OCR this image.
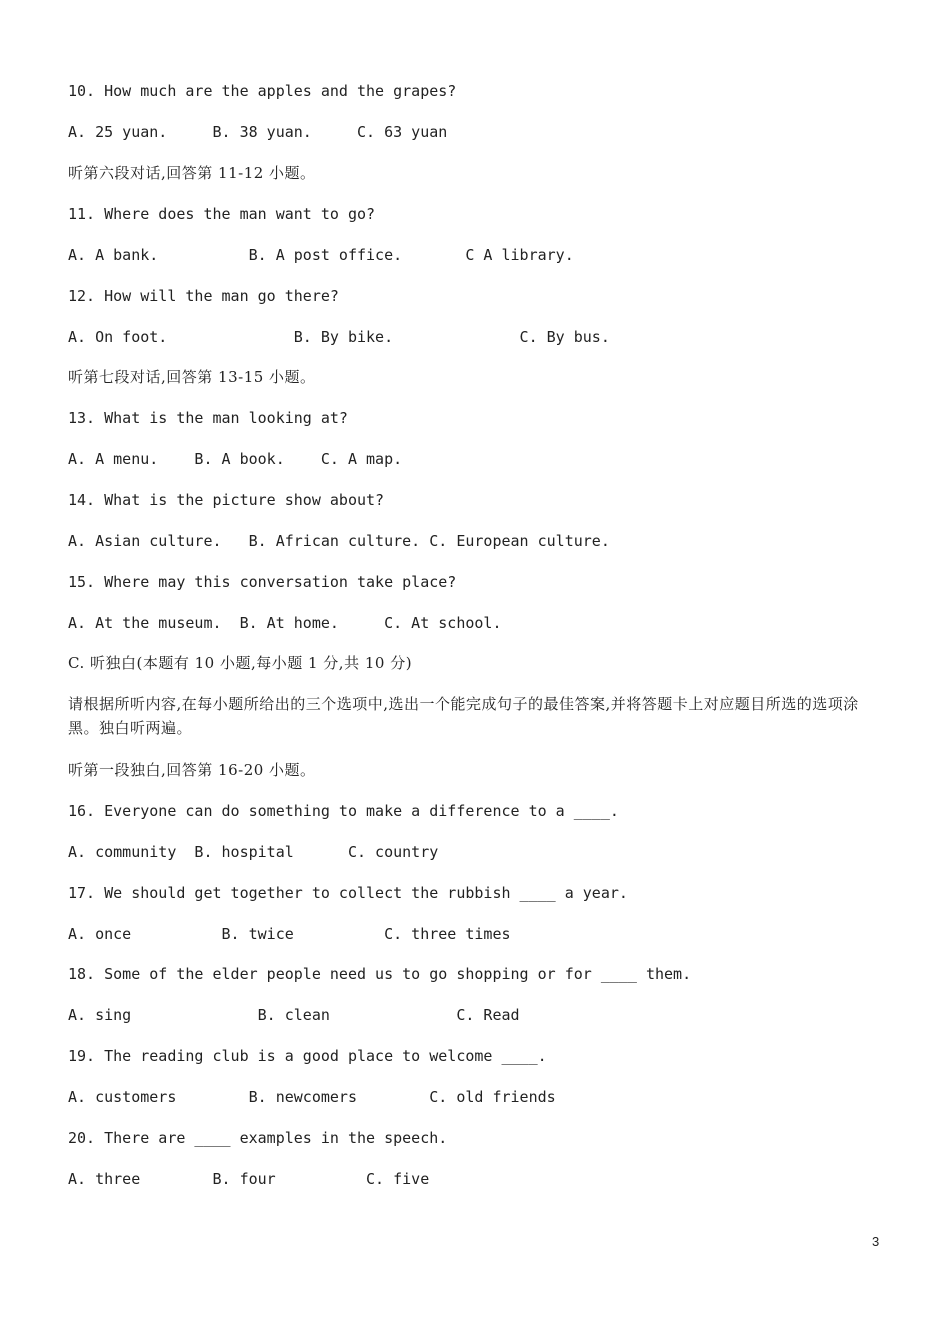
10. How much are the apples and the grapes?
A. 25 yuan.     B. 38 yuan.     C. 63 yuan
听第六段对话,回答第 11-12 小题。
11. Where does the man want to go?
A. A bank.          B. A post office.       C A library.
12. How will the man go there?
A. On foot.              B. By bike.              C. By bus.
听第七段对话,回答第 13-15 小题。
13. What is the man looking at?
A. A menu.    B. A book.    C. A map.
14. What is the picture show about?
A. Asian culture.   B. African culture. C. European culture.
15. Where may this conversation take place?
A. At the museum.  B. At home.     C. At school.
C. 听独白(本题有 10 小题,每小题 1 分,共 10 分)
请根据所听内容,在每小题所给出的三个选项中,选出一个能完成句子的最佳答案,并将答题卡上对应题目所选的选项涂黑。独白听两遍。
听第一段独白,回答第 16-20 小题。
16. Everyone can do something to make a difference to a ____.
A. community  B. hospital      C. country
17. We should get together to collect the rubbish ____ a year.
A. once          B. twice          C. three times
18. Some of the elder people need us to go shopping or for ____ them.
A. sing              B. clean              C. Read
19. The reading club is a good place to welcome ____.
A. customers        B. newcomers        C. old friends
20. There are ____ examples in the speech.
A. three        B. four          C. five
3
